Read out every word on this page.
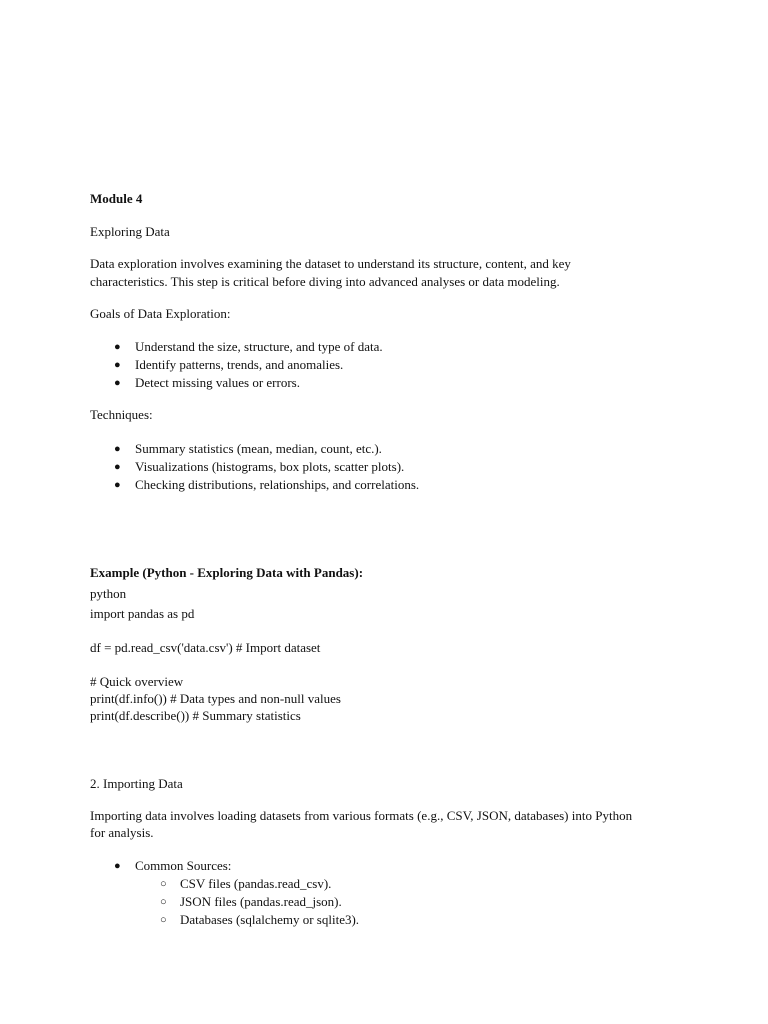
Module 4
Exploring Data
Data exploration involves examining the dataset to understand its structure, content, and key
characteristics. This step is critical before diving into advanced analyses or data modeling.
Goals of Data Exploration:
● Understand the size, structure, and type of data.
● Identify patterns, trends, and anomalies.
● Detect missing values or errors.
Techniques:
● Summary statistics (mean, median, count, etc.).
● Visualizations (histograms, box plots, scatter plots).
● Checking distributions, relationships, and correlations.
Example (Python - Exploring Data with Pandas):
python
import pandas as pd
df = pd.read_csv('data.csv') # Import dataset
# Quick overview
print(df.info()) # Data types and non-null values
print(df.describe()) # Summary statistics
2. Importing Data
Importing data involves loading datasets from various formats (e.g., CSV, JSON, databases) into Python
for analysis.
● Common Sources:
○ CSV files (pandas.read_csv).
○ JSON files (pandas.read_json).
○ Databases (sqlalchemy or sqlite3).
